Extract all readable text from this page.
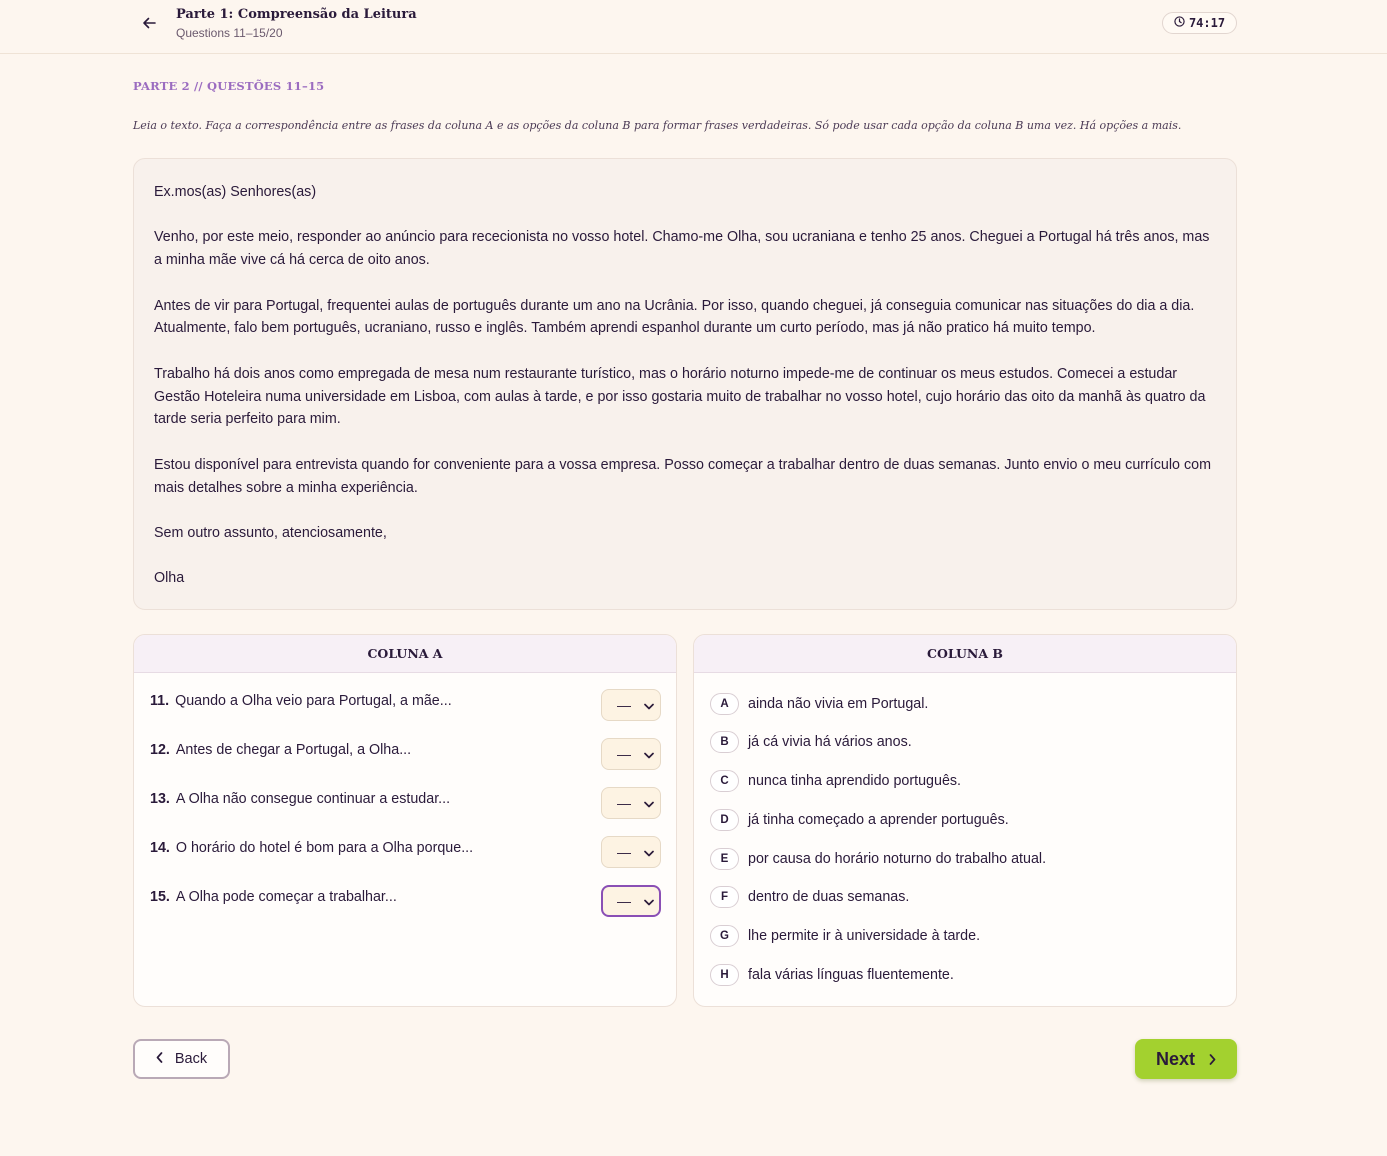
Parte 1: Compreensão da Leitura
Questions 11–15/20
74:17
PARTE 2 // QUESTÕES 11–15
Leia o texto. Faça a correspondência entre as frases da coluna A e as opções da coluna B para formar frases verdadeiras. Só pode usar cada opção da coluna B uma vez. Há opções a mais.

Ex.mos(as) Senhores(as)

Venho, por este meio, responder ao anúncio para rececionista no vosso hotel. Chamo-me Olha, sou ucraniana e tenho 25 anos. Cheguei a Portugal há três anos, mas a minha mãe vive cá há cerca de oito anos.

Antes de vir para Portugal, frequentei aulas de português durante um ano na Ucrânia. Por isso, quando cheguei, já conseguia comunicar nas situações do dia a dia. Atualmente, falo bem português, ucraniano, russo e inglês. Também aprendi espanhol durante um curto período, mas já não pratico há muito tempo.

Trabalho há dois anos como empregada de mesa num restaurante turístico, mas o horário noturno impede-me de continuar os meus estudos. Comecei a estudar Gestão Hoteleira numa universidade em Lisboa, com aulas à tarde, e por isso gostaria muito de trabalhar no vosso hotel, cujo horário das oito da manhã às quatro da tarde seria perfeito para mim.

Estou disponível para entrevista quando for conveniente para a vossa empresa. Posso começar a trabalhar dentro de duas semanas. Junto envio o meu currículo com mais detalhes sobre a minha experiência.

Sem outro assunto, atenciosamente,

Olha

COLUNA A
11. Quando a Olha veio para Portugal, a mãe...	—
12. Antes de chegar a Portugal, a Olha...	—
13. A Olha não consegue continuar a estudar...	—
14. O horário do hotel é bom para a Olha porque...	—
15. A Olha pode começar a trabalhar...	—
COLUNA B
A	ainda não vivia em Portugal.
B	já cá vivia há vários anos.
C	nunca tinha aprendido português.
D	já tinha começado a aprender português.
E	por causa do horário noturno do trabalho atual.
F	dentro de duas semanas.
G	lhe permite ir à universidade à tarde.
H	fala várias línguas fluentemente.
Back	Next
